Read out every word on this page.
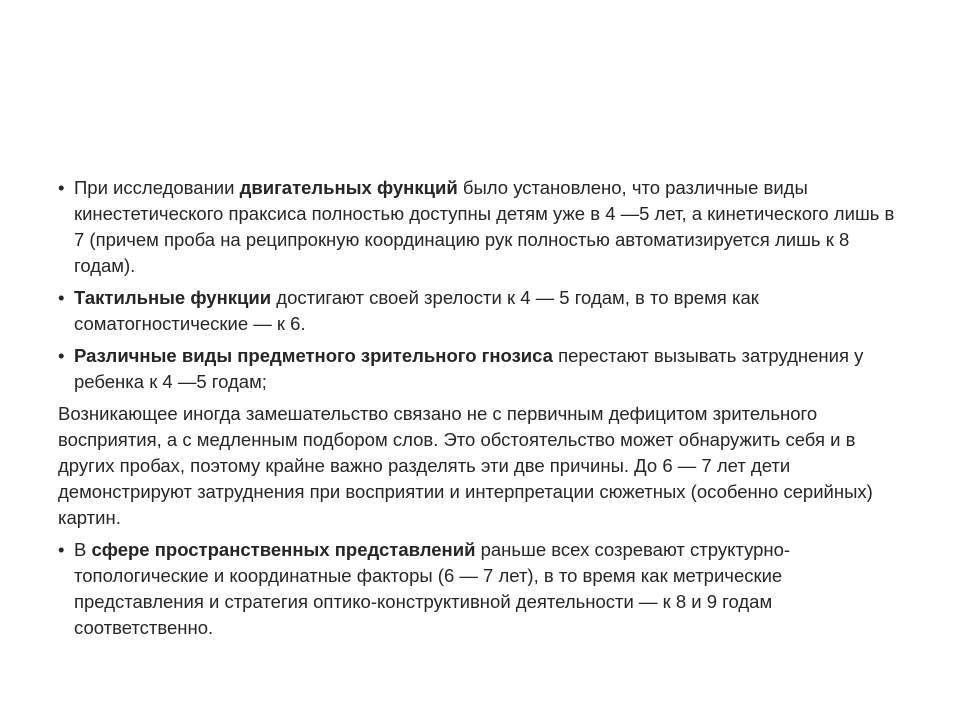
• При исследовании двигательных функций было установлено, что различные виды кинестетического праксиса полностью доступны детям уже в 4 —5 лет, а кинетического лишь в 7 (причем проба на реципрокную координацию рук полностью автоматизируется лишь к 8 годам).
• Тактильные функции достигают своей зрелости к 4 — 5 годам, в то время как соматогностические — к 6.
• Различные виды предметного зрительного гнозиса перестают вызывать затруднения у ребенка к 4 —5 годам;
Возникающее иногда замешательство связано не с первичным дефицитом зрительного восприятия, а с медленным подбором слов. Это обстоятельство может обнаружить себя и в других пробах, поэтому крайне важно разделять эти две причины. До 6 — 7 лет дети демонстрируют затруднения при восприятии и интерпретации сюжетных (особенно серийных) картин.
• В сфере пространственных представлений раньше всех созревают структурно-топологические и координатные факторы (6 — 7 лет), в то время как метрические представления и стратегия оптико-конструктивной деятельности — к 8 и 9 годам соответственно.
